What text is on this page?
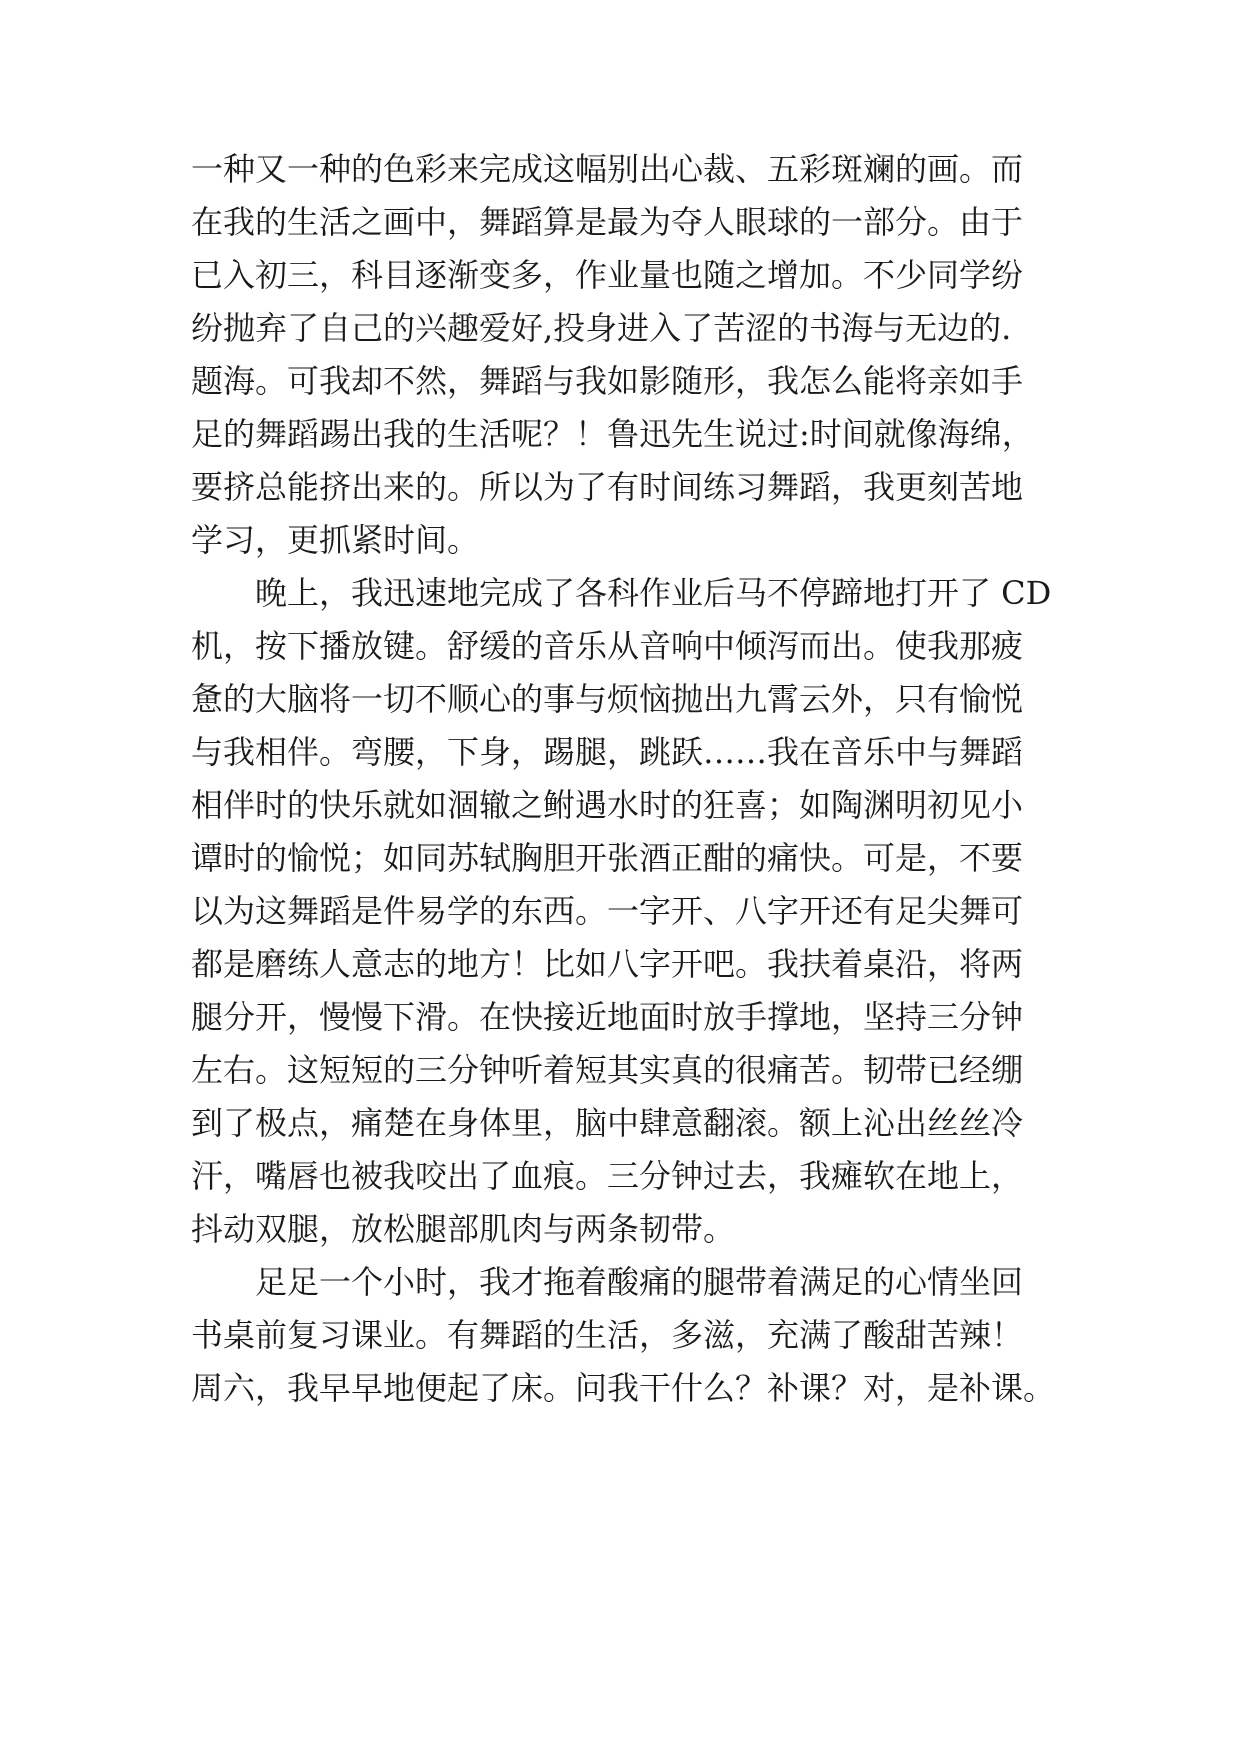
一种又一种的色彩来完成这幅别出心裁、五彩斑斓的画。而
在我的生活之画中，舞蹈算是最为夺人眼球的一部分。由于
已入初三，科目逐渐变多，作业量也随之增加。不少同学纷
纷抛弃了自己的兴趣爱好,投身进入了苦涩的书海与无边的.
题海。可我却不然，舞蹈与我如影随形，我怎么能将亲如手
足的舞蹈踢出我的生活呢？！鲁迅先生说过:时间就像海绵，
要挤总能挤出来的。所以为了有时间练习舞蹈，我更刻苦地
学习，更抓紧时间。
　　晚上，我迅速地完成了各科作业后马不停蹄地打开了 CD
机，按下播放键。舒缓的音乐从音响中倾泻而出。使我那疲
惫的大脑将一切不顺心的事与烦恼抛出九霄云外，只有愉悦
与我相伴。弯腰，下身，踢腿，跳跃……我在音乐中与舞蹈
相伴时的快乐就如涸辙之鲋遇水时的狂喜；如陶渊明初见小
谭时的愉悦；如同苏轼胸胆开张酒正酣的痛快。可是，不要
以为这舞蹈是件易学的东西。一字开、八字开还有足尖舞可
都是磨练人意志的地方！比如八字开吧。我扶着桌沿，将两
腿分开，慢慢下滑。在快接近地面时放手撑地，坚持三分钟
左右。这短短的三分钟听着短其实真的很痛苦。韧带已经绷
到了极点，痛楚在身体里，脑中肆意翻滚。额上沁出丝丝冷
汗，嘴唇也被我咬出了血痕。三分钟过去，我瘫软在地上，
抖动双腿，放松腿部肌肉与两条韧带。
　　足足一个小时，我才拖着酸痛的腿带着满足的心情坐回
书桌前复习课业。有舞蹈的生活，多滋，充满了酸甜苦辣！
周六，我早早地便起了床。问我干什么？补课？对，是补课。
